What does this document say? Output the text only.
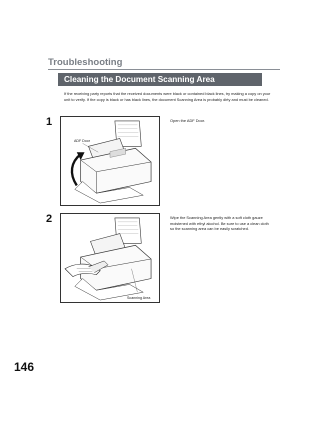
Troubleshooting
Cleaning the Document Scanning Area
If the receiving party reports that the received documents were black or contained black lines, try making a copy on your unit to verify. If the copy is black or has black lines, the document Scanning Area is probably dirty and must be cleaned.
1	Open the ADF Door.
ADF Door
2	Wipe the Scanning Area gently with a soft cloth gauze moistened with ethyl alcohol. Be sure to use a clean cloth so the scanning area can be easily scratched.
Scanning Area
146
